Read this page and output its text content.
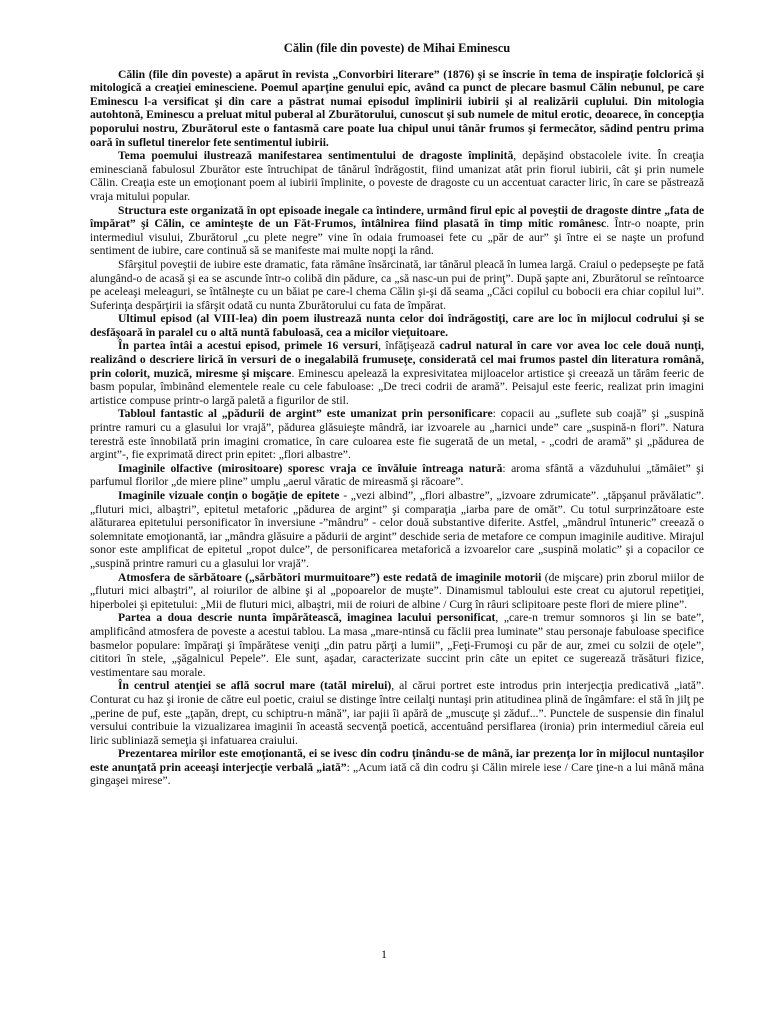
Călin (file din poveste) de Mihai Eminescu

Călin (file din poveste) a apărut în revista „Convorbiri literare” (1876) şi se înscrie în tema de inspiraţie folclorică şi mitologică a creaţiei eminesciene. Poemul aparţine genului epic, având ca punct de plecare basmul Călin nebunul, pe care Eminescu l-a versificat şi din care a păstrat numai episodul împlinirii iubirii şi al realizării cuplului. Din mitologia autohtonă, Eminescu a preluat mitul puberal al Zburătorului, cunoscut şi sub numele de mitul erotic, deoarece, în concepţia poporului nostru, Zburătorul este o fantasmă care poate lua chipul unui tânăr frumos şi fermecător, sădind pentru prima oară în sufletul tinerelor fete sentimentul iubirii.

Tema poemului ilustrează manifestarea sentimentului de dragoste împlinită, depăşind obstacolele ivite. În creaţia eminesciană fabulosul Zburător este întruchipat de tânărul îndrăgostit, fiind umanizat atât prin fiorul iubirii, cât şi prin numele Călin. Creaţia este un emoţionant poem al iubirii împlinite, o poveste de dragoste cu un accentuat caracter liric, în care se păstrează vraja mitului popular.

Structura este organizată în opt episoade inegale ca întindere, urmând firul epic al poveştii de dragoste dintre „fata de împărat” şi Călin, ce aminteşte de un Făt-Frumos, întâlnirea fiind plasată în timp mitic românesc. Într-o noapte, prin intermediul visului, Zburătorul „cu plete negre” vine în odaia frumoasei fete cu „păr de aur” şi între ei se naşte un profund sentiment de iubire, care continuă să se manifeste mai multe nopţi la rând.

Sfârşitul poveştii de iubire este dramatic, fata rămâne însărcinată, iar tânărul pleacă în lumea largă. Craiul o pedepseşte pe fată alungând-o de acasă şi ea se ascunde într-o colibă din pădure, ca „să nasc-un pui de prinţ”. După şapte ani, Zburătorul se reîntoarce pe aceleaşi meleaguri, se întâlneşte cu un băiat pe care-l chema Călin şi-şi dă seama „Căci copilul cu bobocii era chiar copilul lui”. Suferinţa despărţirii ia sfârşit odată cu nunta Zburătorului cu fata de împărat.

Ultimul episod (al VIII-lea) din poem ilustrează nunta celor doi îndrăgostiţi, care are loc în mijlocul codrului şi se desfăşoară în paralel cu o altă nuntă fabuloasă, cea a micilor vieţuitoare.

În partea întâi a acestui episod, primele 16 versuri, înfăţişează cadrul natural în care vor avea loc cele două nunţi, realizând o descriere lirică în versuri de o inegalabilă frumuseţe, considerată cel mai frumos pastel din literatura română, prin colorit, muzică, miresme şi mişcare. Eminescu apelează la expresivitatea mijloacelor artistice şi creează un tărâm feeric de basm popular, îmbinând elementele reale cu cele fabuloase: „De treci codrii de aramă”. Peisajul este feeric, realizat prin imagini artistice compuse printr-o largă paletă a figurilor de stil.

Tabloul fantastic al „pădurii de argint” este umanizat prin personificare: copacii au „suflete sub coajă” şi „suspină printre ramuri cu a glasului lor vrajă”, pădurea glăsuieşte mândră, iar izvoarele au „harnici unde” care „suspină-n flori”. Natura terestră este înnobilată prin imagini cromatice, în care culoarea este fie sugerată de un metal, - „codri de aramă” şi „pădurea de argint”-, fie exprimată direct prin epitet: „flori albastre”.

Imaginile olfactive (mirositoare) sporesc vraja ce învăluie întreaga natură: aroma sfântă a văzduhului „tămâiet” şi parfumul florilor „de miere pline” umplu „aerul văratic de mireasmă şi răcoare”.

Imaginile vizuale conţin o bogăţie de epitete - „vezi albind”, „flori albastre”, „izvoare zdrumicate”. „tăpşanul prăvălatic”. „fluturi mici, albaştri”, epitetul metaforic „pădurea de argint” şi comparaţia „iarba pare de omăt”. Cu totul surprinzătoare este alăturarea epitetului personificator în inversiune -”mândru” - celor două substantive diferite. Astfel, „mândrul întuneric” creează o solemnitate emoţionantă, iar „mândra glăsuire a pădurii de argint” deschide seria de metafore ce compun imaginile auditive. Mirajul sonor este amplificat de epitetul „ropot dulce”, de personificarea metaforică a izvoarelor care „suspină molatic” şi a copacilor ce „suspină printre ramuri cu a glasului lor vrajă”.

Atmosfera de sărbătoare („sărbători murmuitoare”) este redată de imaginile motorii (de mişcare) prin zborul miilor de „fluturi mici albaştri”, al roiurilor de albine şi al „popoarelor de muşte”. Dinamismul tabloului este creat cu ajutorul repetiţiei, hiperbolei şi epitetului: „Mii de fluturi mici, albaştri, mii de roiuri de albine / Curg în râuri sclipitoare peste flori de miere pline”.

Partea a doua descrie nunta împărătească, imaginea lacului personificat, „care-n tremur somnoros şi lin se bate”, amplificând atmosfera de poveste a acestui tablou. La masa „mare-ntinsă cu făclii prea luminate” stau personaje fabuloase specifice basmelor populare: împăraţi şi împărătese veniţi „din patru părţi a lumii”, „Feţi-Frumoşi cu păr de aur, zmei cu solzii de oţele”, cititori în stele, „şăgalnicul Pepele”. Ele sunt, aşadar, caracterizate succint prin câte un epitet ce sugerează trăsături fizice, vestimentare sau morale.

În centrul atenţiei se află socrul mare (tatăl mirelui), al cărui portret este introdus prin interjecţia predicativă „iată”. Conturat cu haz şi ironie de către eul poetic, craiul se distinge între ceilalţi nuntaşi prin atitudinea plină de îngâmfare: el stă în jilţ pe „perine de puf, este „ţapăn, drept, cu schiptru-n mână”, iar pajii îi apără de „muscuţe şi zăduf...”. Punctele de suspensie din finalul versului contribuie la vizualizarea imaginii în această secvenţă poetică, accentuând persiflarea (ironia) prin intermediul căreia eul liric subliniază semeţia şi infatuarea craiului.

Prezentarea mirilor este emoţionantă, ei se ivesc din codru ţinându-se de mână, iar prezenţa lor în mijlocul nuntaşilor este anunţată prin aceeaşi interjecţie verbală „iată”: „Acum iată că din codru şi Călin mirele iese / Care ţine-n a lui mână mâna gingaşei mirese”.

1
